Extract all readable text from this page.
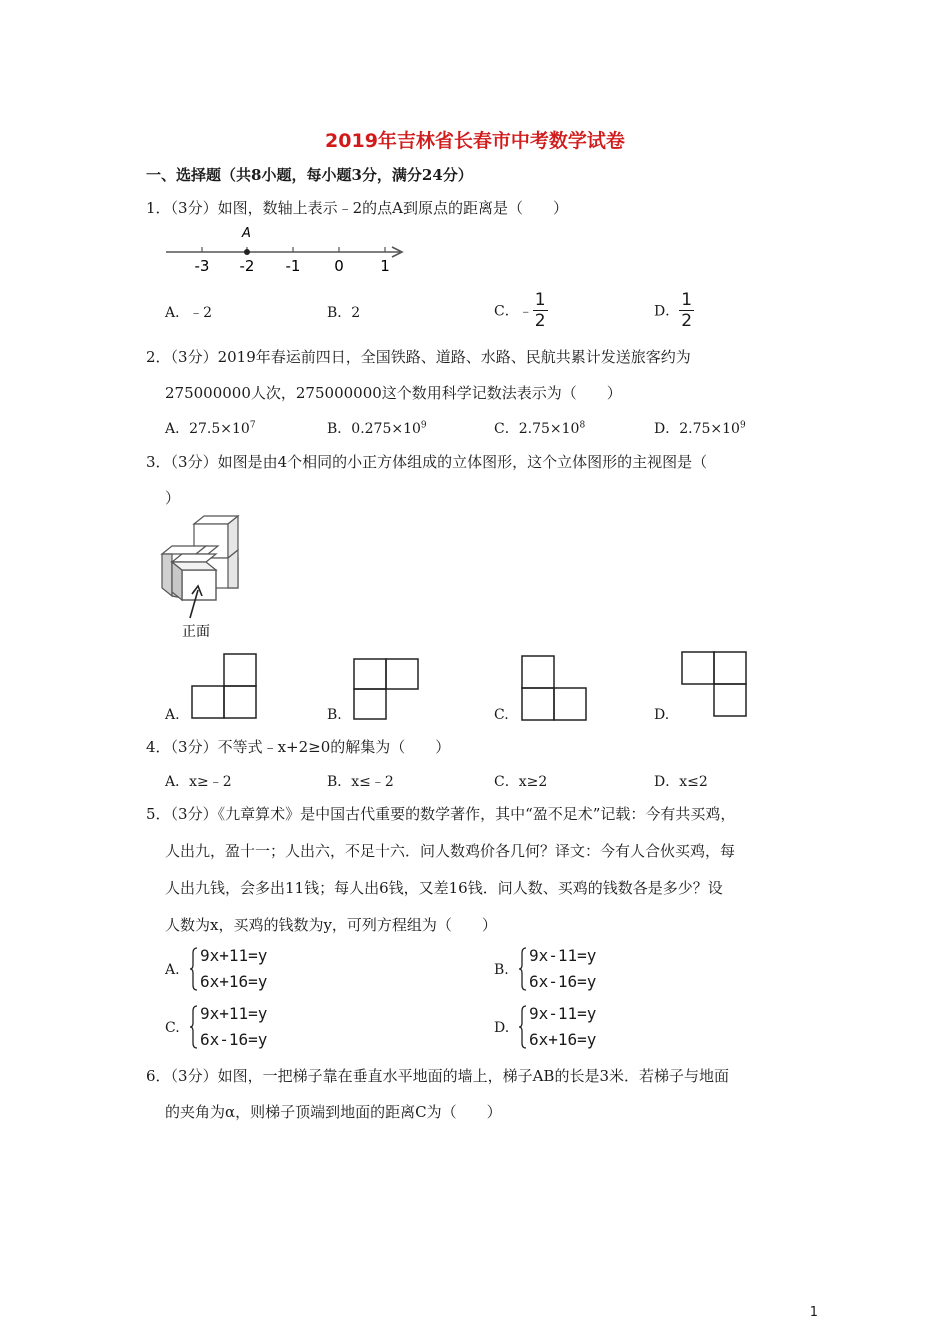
2019年吉林省长春市中考数学试卷
一、选择题（共8小题，每小题3分，满分24分）
1．（3分）如图，数轴上表示﹣2的点A到原点的距离是（　　）
A
-3 -2 -1 0 1
A．﹣2	B．2	C．﹣ $\frac{1}{2}$	D． $\frac{1}{2}$
2．（3分）2019年春运前四日，全国铁路、道路、水路、民航共累计发送旅客约为
275000000人次，275000000这个数用科学记数法表示为（　　）
A．$27.5\times 10^7$	B．$0.275\times 10^9$	C．$2.75\times 10^8$	D．$2.75\times 10^9$
3．（3分）如图是由4个相同的小正方体组成的立体图形，这个立体图形的主视图是（
）
正面
A.	B.	C.	D.
4．（3分）不等式﹣x+2≥0的解集为（　　）
A．x≥﹣2	B．x≤﹣2	C．x≥2	D．x≤2
5．（3分）《九章算术》是中国古代重要的数学著作，其中“盈不足术”记载：今有共买鸡，
人出九，盈十一；人出六，不足十六．问人数鸡价各几何？译文：今有人合伙买鸡，每
人出九钱，会多出11钱；每人出6钱，又差16钱．问人数、买鸡的钱数各是多少？设
人数为x，买鸡的钱数为y，可列方程组为（　　）
A.
9x+11=y
6x+16=y
B.
9x-11=y
6x-16=y
C.
9x+11=y
6x-16=y
D.
9x-11=y
6x+16=y
6．（3分）如图，一把梯子靠在垂直水平地面的墙上，梯子AB的长是3米．若梯子与地面
的夹角为α，则梯子顶端到地面的距离C为（　　）
1
